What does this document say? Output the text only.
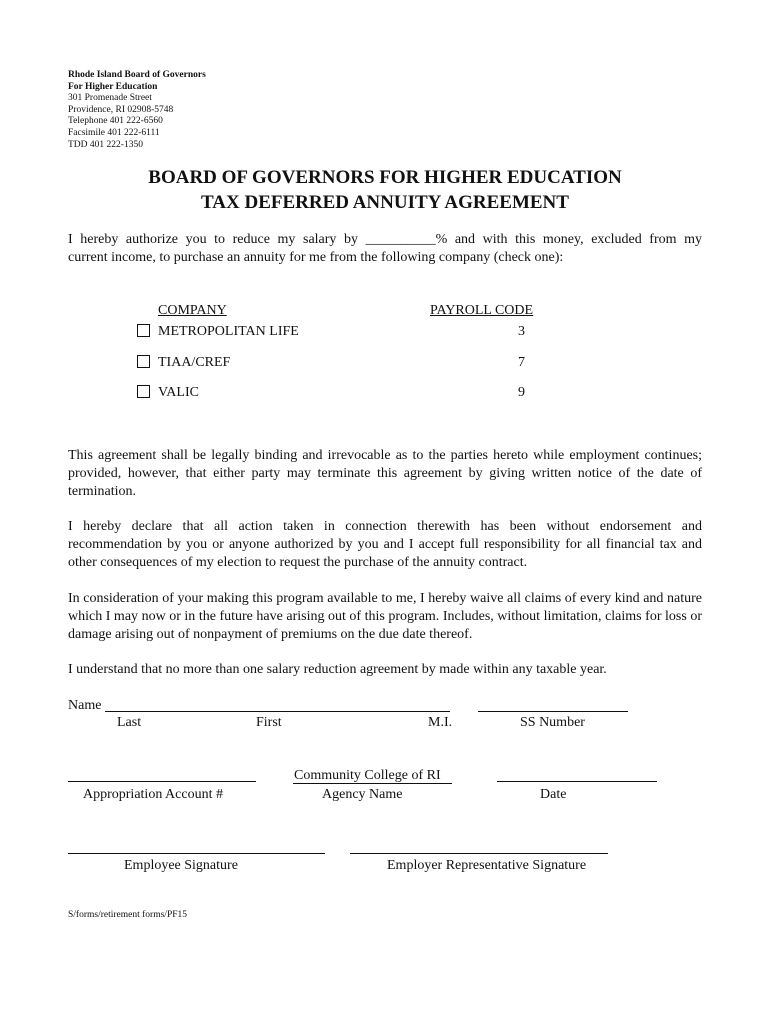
Rhode Island Board of Governors
For Higher Education
301 Promenade Street
Providence, RI 02908-5748
Telephone 401 222-6560
Facsimile 401 222-6111
TDD 401 222-1350
BOARD OF GOVERNORS FOR HIGHER EDUCATION
TAX DEFERRED ANNUITY AGREEMENT
I hereby authorize you to reduce my salary by __________% and with this money, excluded from my
current income, to purchase an annuity for me from the following company (check one):
COMPANY	PAYROLL CODE
METROPOLITAN LIFE	3
TIAA/CREF	7
VALIC	9
This agreement shall be legally binding and irrevocable as to the parties hereto while employment continues; provided, however, that either party may terminate this agreement by giving written notice of the date of termination.
I hereby declare that all action taken in connection therewith has been without endorsement and recommendation by you or anyone authorized by you and I accept full responsibility for all financial tax and other consequences of my election to request the purchase of the annuity contract.
In consideration of your making this program available to me, I hereby waive all claims of every kind and nature which I may now or in the future have arising out of this program. Includes, without limitation, claims for loss or damage arising out of nonpayment of premiums on the due date thereof.
I understand that no more than one salary reduction agreement by made within any taxable year.
Name
Last	First	M.I.	SS Number
Community College of RI
Appropriation Account #	Agency Name	Date
Employee Signature	Employer Representative Signature
S/forms/retirement forms/PF15
